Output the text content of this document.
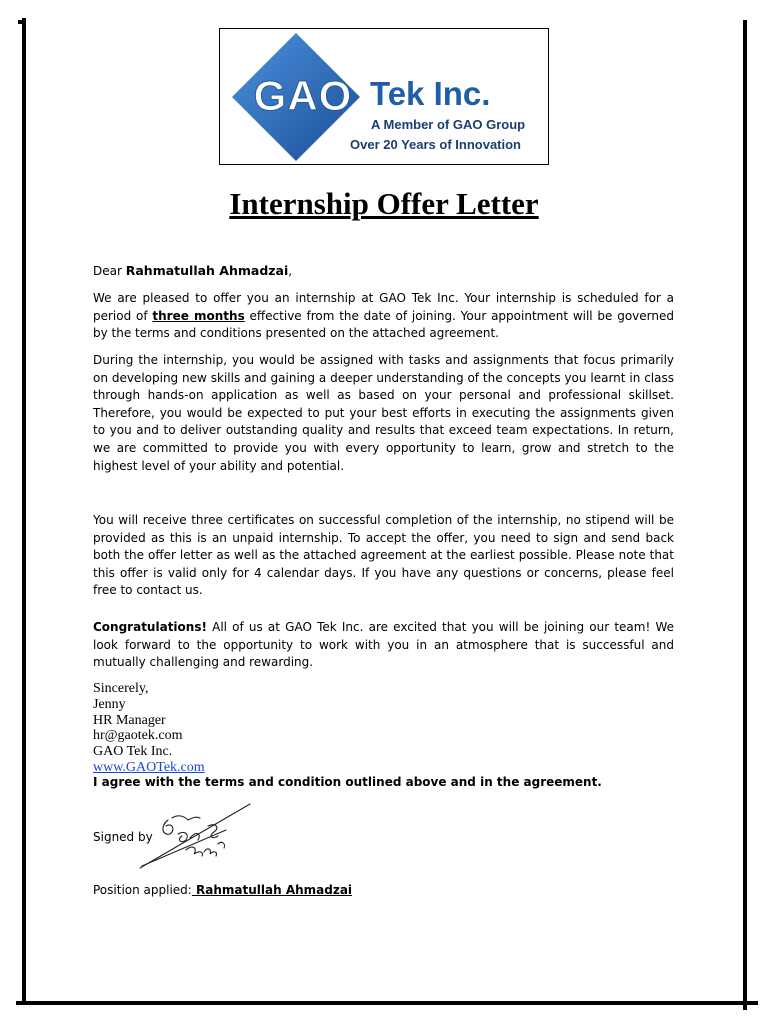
GAO Tek Inc.
A Member of GAO Group
Over 20 Years of Innovation
Internship Offer Letter
Dear Rahmatullah Ahmadzai,
We are pleased to offer you an internship at GAO Tek Inc. Your internship is scheduled for a period of three months effective from the date of joining. Your appointment will be governed by the terms and conditions presented on the attached agreement.
During the internship, you would be assigned with tasks and assignments that focus primarily on developing new skills and gaining a deeper understanding of the concepts you learnt in class through hands-on application as well as based on your personal and professional skillset. Therefore, you would be expected to put your best efforts in executing the assignments given to you and to deliver outstanding quality and results that exceed team expectations. In return, we are committed to provide you with every opportunity to learn, grow and stretch to the highest level of your ability and potential.
You will receive three certificates on successful completion of the internship, no stipend will be provided as this is an unpaid internship. To accept the offer, you need to sign and send back both the offer letter as well as the attached agreement at the earliest possible. Please note that this offer is valid only for 4 calendar days. If you have any questions or concerns, please feel free to contact us.
Congratulations! All of us at GAO Tek Inc. are excited that you will be joining our team! We look forward to the opportunity to work with you in an atmosphere that is successful and mutually challenging and rewarding.
Sincerely,
Jenny
HR Manager
hr@gaotek.com
GAO Tek Inc.
www.GAOTek.com
I agree with the terms and condition outlined above and in the agreement.
Signed by
Position applied: Rahmatullah Ahmadzai
